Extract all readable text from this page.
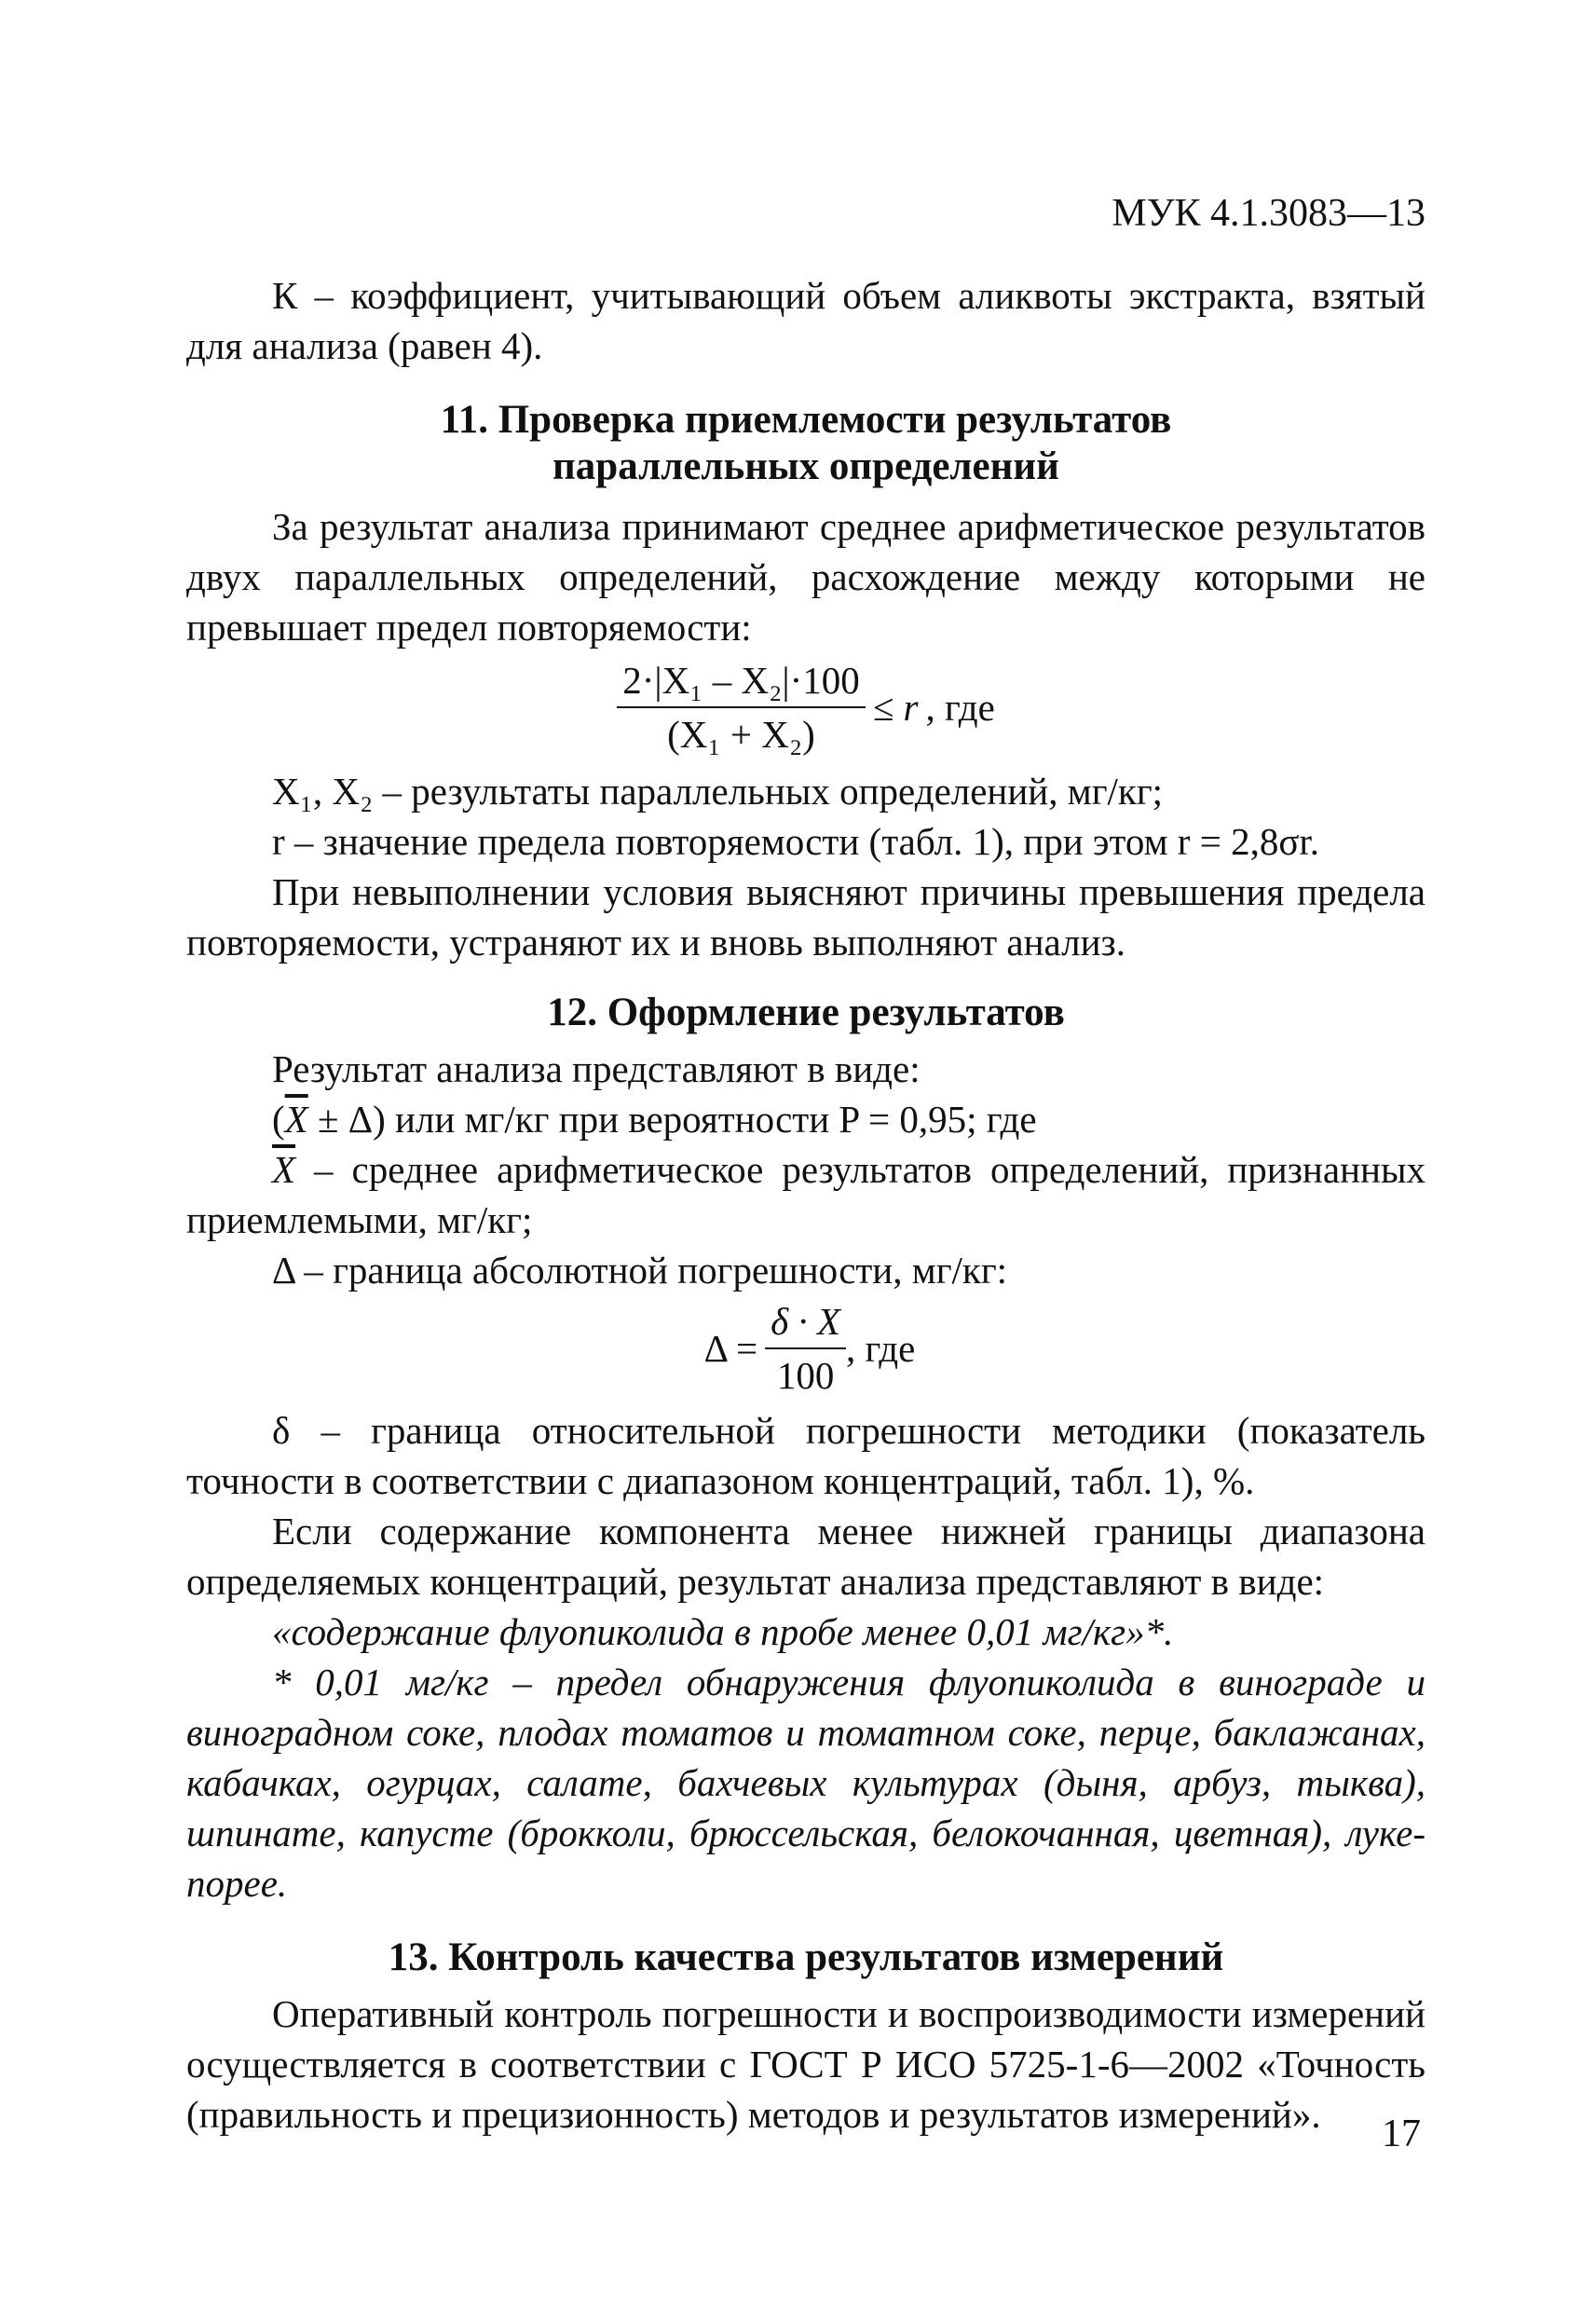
МУК 4.1.3083—13

К – коэффициент, учитывающий объем аликвоты экстракта, взятый для анализа (равен 4).

11. Проверка приемлемости результатов

параллельных определений

За результат анализа принимают среднее арифметическое результатов двух параллельных определений, расхождение между которыми не превышает предел повторяемости:

$\frac{\text{2·|X₁ – X₂|·100}}{\text{(X₁ + X₂)}} \le r$ , где

X₁, X₂ – результаты параллельных определений, мг/кг;

r – значение предела повторяемости (табл. 1), при этом r = 2,8σr.

При невыполнении условия выясняют причины превышения предела повторяемости, устраняют их и вновь выполняют анализ.

12. Оформление результатов

Результат анализа представляют в виде:

$(\overline{X} \pm \Delta)$ или мг/кг при вероятности P = 0,95; где

$\overline{X}$ – среднее арифметическое результатов определений, признанных приемлемыми, мг/кг;

Δ – граница абсолютной погрешности, мг/кг:

$\Delta = \frac{\delta \cdot X}{100}$ , где

δ – граница относительной погрешности методики (показатель точности в соответствии с диапазоном концентраций, табл. 1), %.

Если содержание компонента менее нижней границы диапазона определяемых концентраций, результат анализа представляют в виде:

«содержание флуопиколида в пробе менее 0,01 мг/кг»*.

* 0,01 мг/кг – предел обнаружения флуопиколида в винограде и виноградном соке, плодах томатов и томатном соке, перце, баклажанах, кабачках, огурцах, салате, бахчевых культурах (дыня, арбуз, тыква), шпинате, капусте (брокколи, брюссельская, белокочанная, цветная), луке-порее.

13. Контроль качества результатов измерений

Оперативный контроль погрешности и воспроизводимости измерений осуществляется в соответствии с ГОСТ Р ИСО 5725-1-6—2002 «Точность (правильность и прецизионность) методов и результатов измерений».	17
